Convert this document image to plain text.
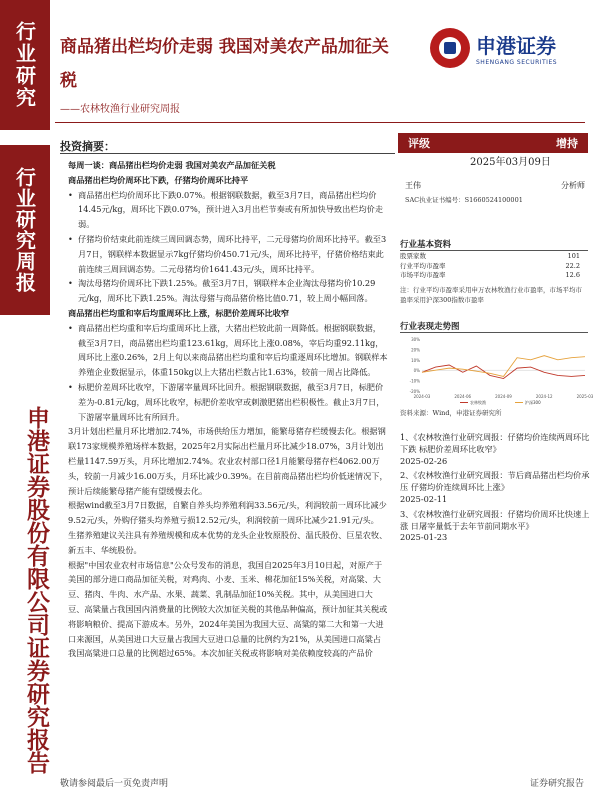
行业研究
行业研究周报
申港证券股份有限公司证券研究报告
商品猪出栏均价走弱 我国对美农产品加征关税
——农林牧渔行业研究周报
申港证券
SHENGANG SECURITIES
投资摘要：

每周一谈：商品猪出栏均价走弱 我国对美农产品加征关税

商品猪出栏均价周环比下跌，仔猪均价周环比持平

• 商品猪出栏均价周环比下跌0.07%。根据钢联数据，截至3月7日，商品猪出栏均价14.45元/kg，周环比下跌0.07%，预计进入3月出栏节奏或有所加快导致出栏均价走弱。

• 仔猪均价结束此前连续三周回调态势，周环比持平，二元母猪均价周环比持平。截至3月7日，钢联样本数据显示7kg仔猪均价450.71元/头，周环比持平，仔猪价格结束此前连续三周回调态势。二元母猪均价1641.43元/头，周环比持平。

• 淘汰母猪均价周环比下跌1.25%。截至3月7日，钢联样本企业淘汰母猪均价10.29元/kg，周环比下跌1.25%。淘汰母猪与商品猪价格比值0.71，较上周小幅回落。

商品猪出栏均重和宰后均重周环比上涨，标肥价差周环比收窄

• 商品猪出栏均重和宰后均重周环比上涨，大猪出栏较此前一周降低。根据钢联数据，截至3月7日，商品猪出栏均重123.61kg，周环比上涨0.08%，宰后均重92.11kg，周环比上涨0.26%，2月上旬以来商品猪出栏均重和宰后均重逐周环比增加。钢联样本养殖企业数据显示，体重150kg以上大猪出栏数占比1.63%，较前一周占比降低。

• 标肥价差周环比收窄，下游屠宰量周环比回升。根据钢联数据，截至3月7日，标肥价差为-0.81元/kg，周环比收窄，标肥价差收窄或刺激肥猪出栏积极性。截止3月7日，下游屠宰量周环比有所回升。

3月计划出栏量月环比增加2.74%，市场供给压力增加，能繁母猪存栏缓慢去化。根据钢联173家规模养殖场样本数据，2025年2月实际出栏量月环比减少18.07%，3月计划出栏量1147.59万头，月环比增加2.74%。农业农村部口径1月能繁母猪存栏4062.00万头，较前一月减少16.00万头，月环比减少0.39%。在目前商品猪出栏均价低迷情况下，预计后续能繁母猪产能有望缓慢去化。

根据wind截至3月7日数据，自繁自养头均养殖利润33.56元/头，利润较前一周环比减少9.52元/头，外购仔猪头均养殖亏损12.52元/头，利润较前一周环比减少21.91元/头。

生猪养殖建议关注具有养殖规模和成本优势的龙头企业牧原股份、温氏股份、巨星农牧、新五丰、华统股份。

根据"中国农业农村市场信息"公众号发布的消息，我国自2025年3月10日起，对原产于美国的部分进口商品加征关税，对鸡肉、小麦、玉米、棉花加征15%关税，对高粱、大豆、猪肉、牛肉、水产品、水果、蔬菜、乳制品加征10%关税。其中，从美国进口大豆、高粱量占我国国内消费量的比例较大次加征关税的其他品种偏高，预计加征其关税或将影响粮价、提高下游成本。另外，2024年美国为我国大豆、高粱的第二大和第一大进口来源国，从美国进口大豆量占我国大豆进口总量的比例约为21%，从美国进口高粱占我国高粱进口总量的比例超过65%。本次加征关税或将影响对美依赖度较高的产品价

敬请参阅最后一页免责声明	证券研究报告
评级	增持
2025年03月09日
王伟	分析师
SAC执业证书编号：S1660524100001
行业基本资料
股票家数	101
行业平均市盈率	22.2
市场平均市盈率	12.6
注：行业平均市盈率采用申万农林牧渔行业市盈率，市场平均市盈率采用沪深300指数市盈率
行业表现走势图
30%
20%
10%
0%
-10%
-20%
2024-03	2024-06	2024-09	2024-12	2025-03
农林牧渔	沪深300
资料来源：Wind，申港证券研究所

1、《农林牧渔行业研究周报：仔猪均价连续两周环比下跌 标肥价差周环比收窄》
2025-02-26

2、《农林牧渔行业研究周报：节后商品猪出栏均价承压 仔猪均价连续周环比上涨》
2025-02-11

3、《农林牧渔行业研究周报：仔猪均价周环比快速上涨 日屠宰量低于去年节前同期水平》
2025-01-23
